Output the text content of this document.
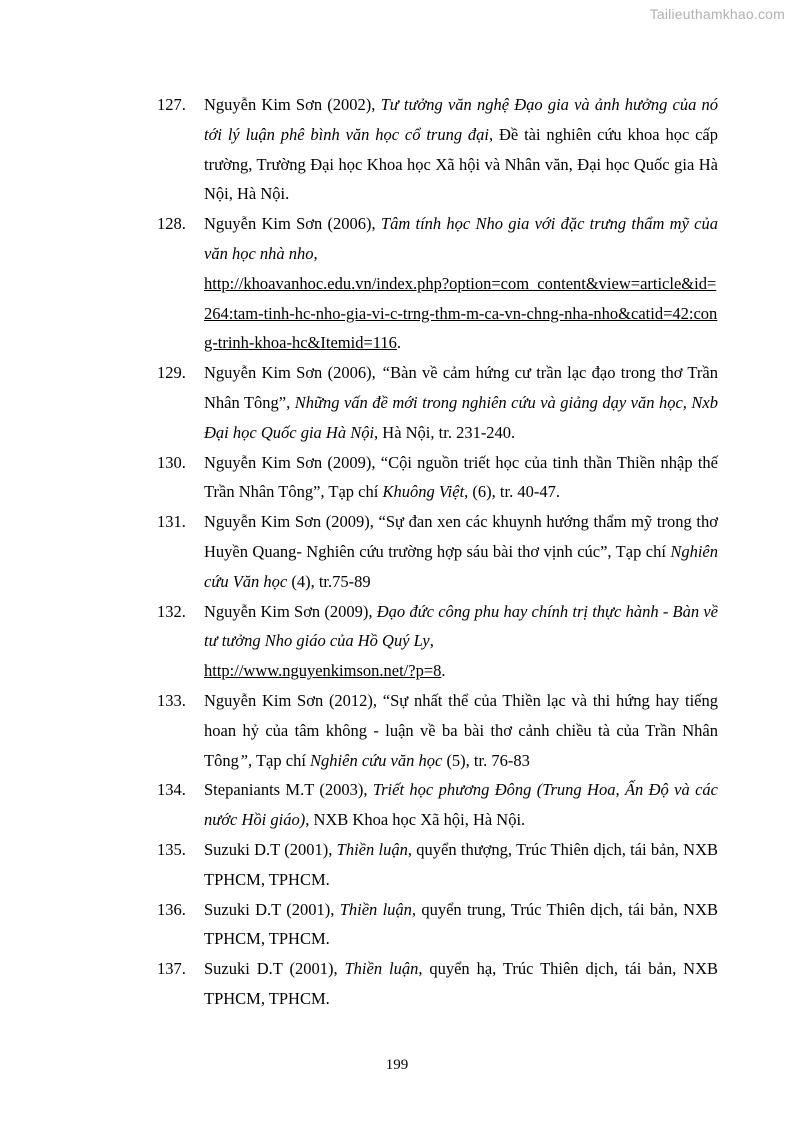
Tailieuthamkhao.com
127.	Nguyễn Kim Sơn (2002), Tư tưởng văn nghệ Đạo gia và ảnh hưởng của nó tới lý luận phê bình văn học cổ trung đại, Đề tài nghiên cứu khoa học cấp trường, Trường Đại học Khoa học Xã hội và Nhân văn, Đại học Quốc gia Hà Nội, Hà Nội.
128.	Nguyễn Kim Sơn (2006), Tâm tính học Nho gia với đặc trưng thẩm mỹ của văn học nhà nho,
http://khoavanhoc.edu.vn/index.php?option=com_content&view=article&id=264:tam-tinh-hc-nho-gia-vi-c-trng-thm-m-ca-vn-chng-nha-nho&catid=42:cong-trinh-khoa-hc&Itemid=116.
129.	Nguyễn Kim Sơn (2006), “Bàn về cảm hứng cư trần lạc đạo trong thơ Trần Nhân Tông”, Những vấn đề mới trong nghiên cứu và giảng dạy văn học, Nxb Đại học Quốc gia Hà Nội, Hà Nội, tr. 231-240.
130.	Nguyễn Kim Sơn (2009), “Cội nguồn triết học của tinh thần Thiền nhập thế Trần Nhân Tông”, Tạp chí Khuông Việt, (6), tr. 40-47.
131.	Nguyễn Kim Sơn (2009), “Sự đan xen các khuynh hướng thẩm mỹ trong thơ Huyền Quang- Nghiên cứu trường hợp sáu bài thơ vịnh cúc”, Tạp chí Nghiên cứu Văn học (4), tr.75-89
132.	Nguyễn Kim Sơn (2009), Đạo đức công phu hay chính trị thực hành - Bàn về tư tưởng Nho giáo của Hồ Quý Ly,
http://www.nguyenkimson.net/?p=8.
133.	Nguyễn Kim Sơn (2012), “Sự nhất thể của Thiền lạc và thi hứng hay tiếng hoan hỷ của tâm không - luận về ba bài thơ cảnh chiều tà của Trần Nhân Tông”, Tạp chí Nghiên cứu văn học (5), tr. 76-83
134.	Stepaniants M.T (2003), Triết học phương Đông (Trung Hoa, Ấn Độ và các nước Hồi giáo), NXB Khoa học Xã hội, Hà Nội.
135.	Suzuki D.T (2001), Thiền luận, quyển thượng, Trúc Thiên dịch, tái bản, NXB TPHCM, TPHCM.
136.	Suzuki D.T (2001), Thiền luận, quyển trung, Trúc Thiên dịch, tái bản, NXB TPHCM, TPHCM.
137.	Suzuki D.T (2001), Thiền luận, quyển hạ, Trúc Thiên dịch, tái bản, NXB TPHCM, TPHCM.
199
